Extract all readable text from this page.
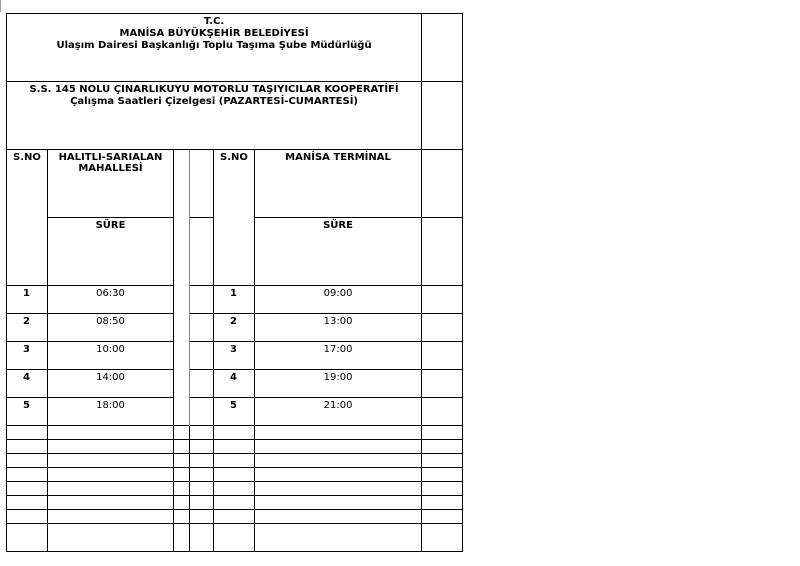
T.C.
MANİSA BÜYÜKŞEHİR BELEDİYESİ
Ulaşım Dairesi Başkanlığı Toplu Taşıma Şube Müdürlüğü						

S.S. 145 NOLU ÇINARLIKUYU MOTORLU TAŞIYICILAR KOOPERATİFİ
Çalışma Saatleri Çizelgesi (PAZARTESİ-CUMARTESİ)						

S.NO	HALITLI-SARIALAN MAHALLESİ			S.NO	MANİSA TERMİNAL	
	SÜRE				SÜRE	
1	06:30			1	09:00	
2	08:50			2	13:00	
3	10:00			3	17:00	
4	14:00			4	19:00	
5	18:00			5	21:00	
